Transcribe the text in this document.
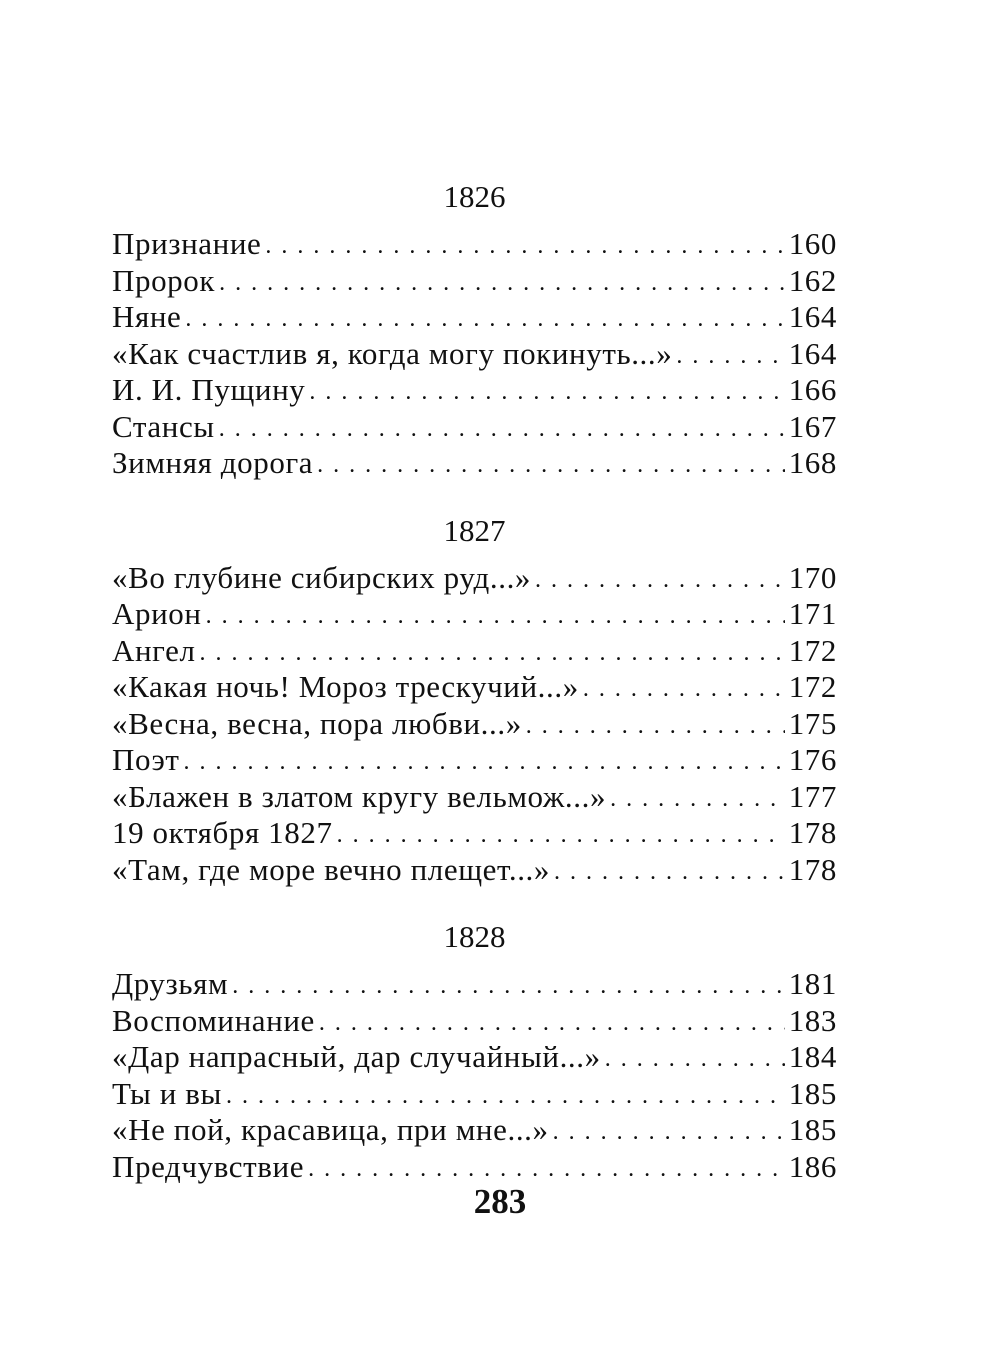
1826
Признание . . .	160
Пророк . . .	162
Няне . . .	164
«Как счастлив я, когда могу покинуть...» . . .	164
И. И. Пущину . . .	166
Стансы . . .	167
Зимняя дорога . . .	168
1827
«Во глубине сибирских руд...» . . .	170
Арион . . .	171
Ангел . . .	172
«Какая ночь! Мороз трескучий...» . . .	172
«Весна, весна, пора любви...» . . .	175
Поэт . . .	176
«Блажен в златом кругу вельмож...» . . .	177
19 октября 1827 . . .	178
«Там, где море вечно плещет...» . . .	178
1828
Друзьям . . .	181
Воспоминание . . .	183
«Дар напрасный, дар случайный...» . . .	184
Ты и вы . . .	185
«Не пой, красавица, при мне...» . . .	185
Предчувствие . . .	186
283
